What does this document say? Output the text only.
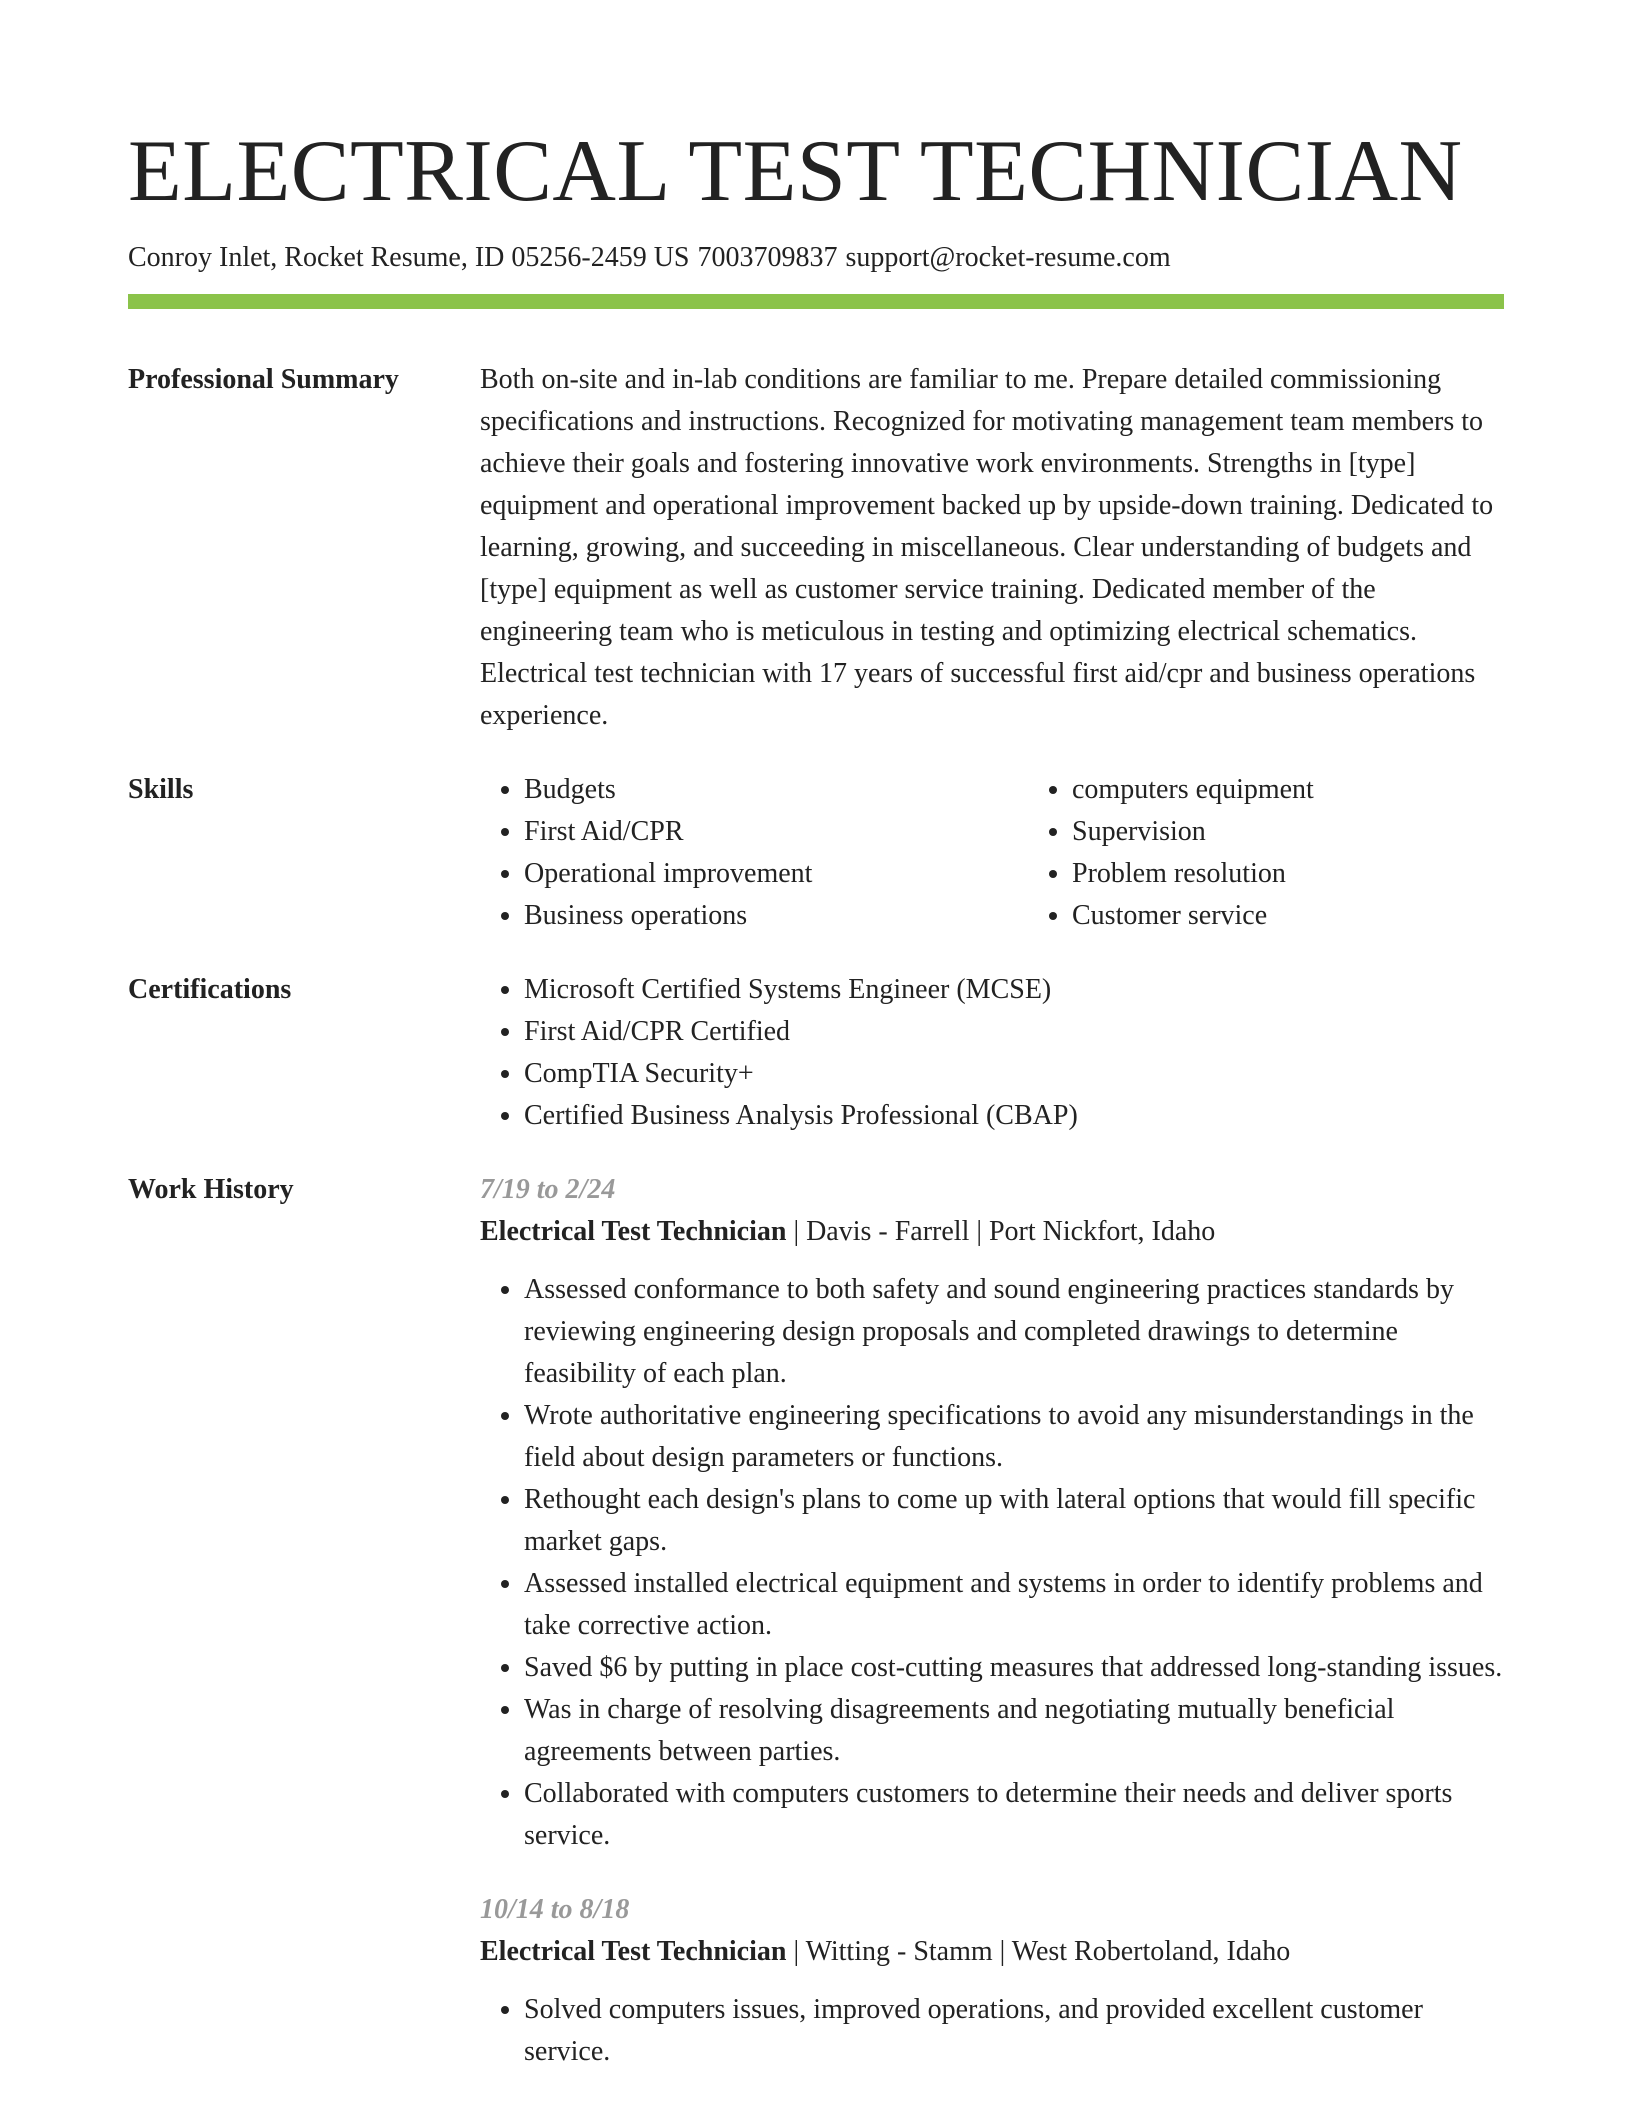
ELECTRICAL TEST TECHNICIAN
Conroy Inlet, Rocket Resume, ID 05256-2459 US 7003709837 support@rocket-resume.com
Professional Summary	Both on-site and in-lab conditions are familiar to me. Prepare detailed commissioning specifications and instructions. Recognized for motivating management team members to achieve their goals and fostering innovative work environments. Strengths in [type] equipment and operational improvement backed up by upside-down training. Dedicated to learning, growing, and succeeding in miscellaneous. Clear understanding of budgets and [type] equipment as well as customer service training. Dedicated member of the engineering team who is meticulous in testing and optimizing electrical schematics. Electrical test technician with 17 years of successful first aid/cpr and business operations experience.

Skills	• Budgets
• First Aid/CPR
• Operational improvement
• Business operations
• computers equipment
• Supervision
• Problem resolution
• Customer service
Certifications	• Microsoft Certified Systems Engineer (MCSE)
• First Aid/CPR Certified
• CompTIA Security+
• Certified Business Analysis Professional (CBAP)
Work History	7/19 to 2/24
Electrical Test Technician | Davis - Farrell | Port Nickfort, Idaho
• Assessed conformance to both safety and sound engineering practices standards by reviewing engineering design proposals and completed drawings to determine feasibility of each plan.
• Wrote authoritative engineering specifications to avoid any misunderstandings in the field about design parameters or functions.
• Rethought each design's plans to come up with lateral options that would fill specific market gaps.
• Assessed installed electrical equipment and systems in order to identify problems and take corrective action.
• Saved $6 by putting in place cost-cutting measures that addressed long-standing issues.
• Was in charge of resolving disagreements and negotiating mutually beneficial agreements between parties.
• Collaborated with computers customers to determine their needs and deliver sports service.
10/14 to 8/18
Electrical Test Technician | Witting - Stamm | West Robertoland, Idaho
• Solved computers issues, improved operations, and provided excellent customer service.
